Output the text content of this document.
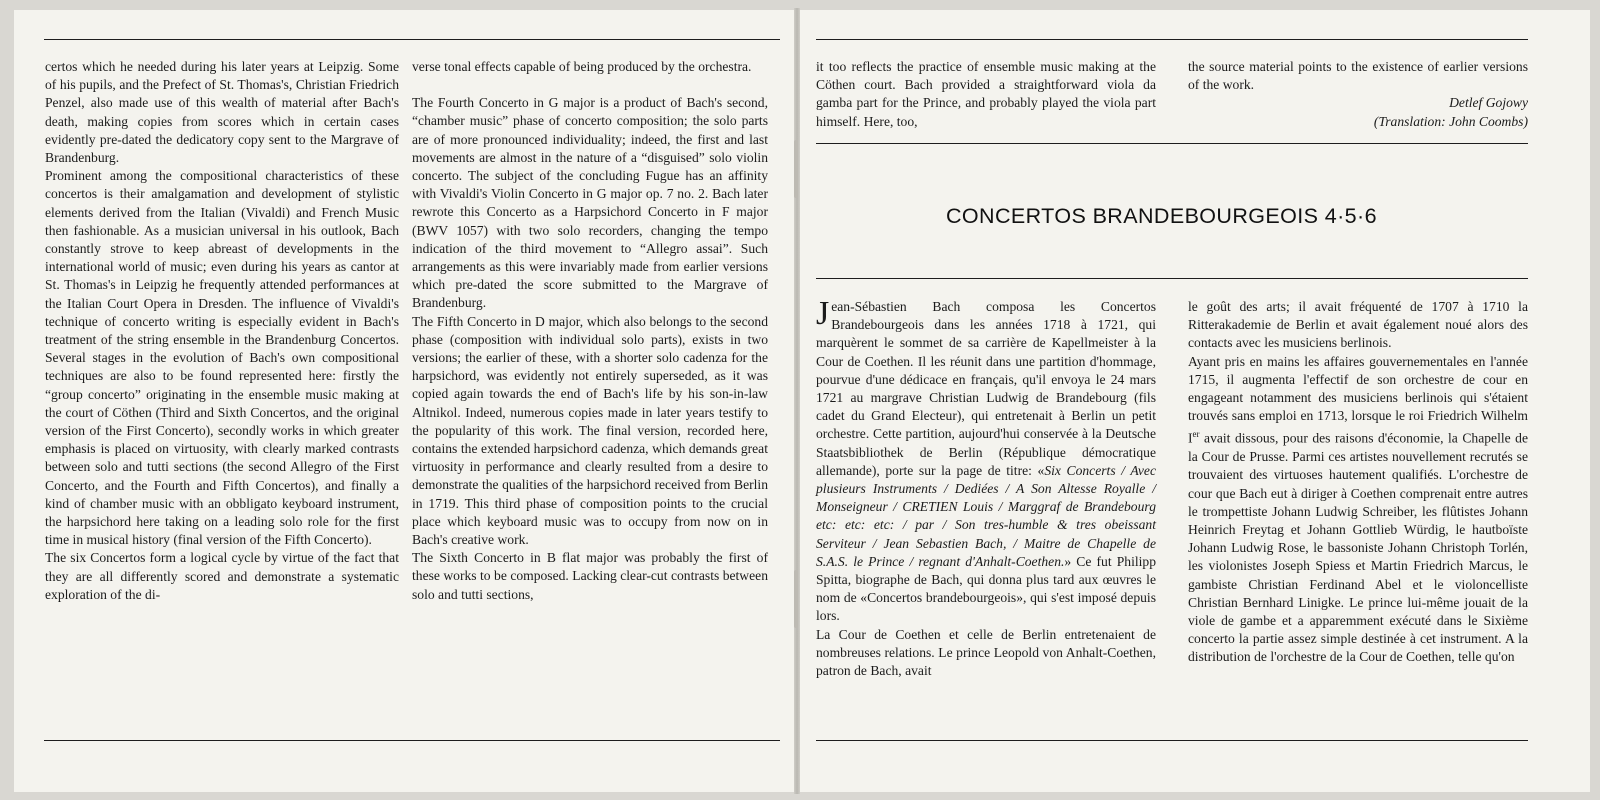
certos which he needed during his later years at Leipzig. Some of his pupils, and the Prefect of St. Thomas's, Christian Friedrich Penzel, also made use of this wealth of material after Bach's death, making copies from scores which in certain cases evidently pre-dated the dedicatory copy sent to the Margrave of Brandenburg.

Prominent among the compositional characteristics of these concertos is their amalgamation and development of stylistic elements derived from the Italian (Vivaldi) and French Music then fashionable. As a musician universal in his outlook, Bach constantly strove to keep abreast of developments in the international world of music; even during his years as cantor at St. Thomas's in Leipzig he frequently attended performances at the Italian Court Opera in Dresden. The influence of Vivaldi's technique of concerto writing is especially evident in Bach's treatment of the string ensemble in the Brandenburg Concertos. Several stages in the evolution of Bach's own compositional techniques are also to be found represented here: firstly the “group concerto” originating in the ensemble music making at the court of Cöthen (Third and Sixth Concertos, and the original version of the First Concerto), secondly works in which greater emphasis is placed on virtuosity, with clearly marked contrasts between solo and tutti sections (the second Allegro of the First Concerto, and the Fourth and Fifth Concertos), and finally a kind of chamber music with an obbligato keyboard instrument, the harpsichord here taking on a leading solo role for the first time in musical history (final version of the Fifth Concerto).

The six Concertos form a logical cycle by virtue of the fact that they are all differently scored and demonstrate a systematic exploration of the di-

verse tonal effects capable of being produced by the orchestra.

The Fourth Concerto in G major is a product of Bach's second, “chamber music” phase of concerto composition; the solo parts are of more pronounced individuality; indeed, the first and last movements are almost in the nature of a “disguised” solo violin concerto. The subject of the concluding Fugue has an affinity with Vivaldi's Violin Concerto in G major op. 7 no. 2. Bach later rewrote this Concerto as a Harpsichord Concerto in F major (BWV 1057) with two solo recorders, changing the tempo indication of the third movement to “Allegro assai”. Such arrangements as this were invariably made from earlier versions which pre-dated the score submitted to the Margrave of Brandenburg.

The Fifth Concerto in D major, which also belongs to the second phase (composition with individual solo parts), exists in two versions; the earlier of these, with a shorter solo cadenza for the harpsichord, was evidently not entirely superseded, as it was copied again towards the end of Bach's life by his son-in-law Altnikol. Indeed, numerous copies made in later years testify to the popularity of this work. The final version, recorded here, contains the extended harpsichord cadenza, which demands great virtuosity in performance and clearly resulted from a desire to demonstrate the qualities of the harpsichord received from Berlin in 1719. This third phase of composition points to the crucial place which keyboard music was to occupy from now on in Bach's creative work.

The Sixth Concerto in B flat major was probably the first of these works to be composed. Lacking clear-cut contrasts between solo and tutti sections,

it too reflects the practice of ensemble music making at the Cöthen court. Bach provided a straightforward viola da gamba part for the Prince, and probably played the viola part himself. Here, too,

the source material points to the existence of earlier versions of the work.

Detlef Gojowy

(Translation: John Coombs)

CONCERTOS BRANDEBOURGEOIS 4·5·6

Jean-Sébastien Bach composa les Concertos Brandebourgeois dans les années 1718 à 1721, qui marquèrent le sommet de sa carrière de Kapellmeister à la Cour de Coethen. Il les réunit dans une partition d'hommage, pourvue d'une dédicace en français, qu'il envoya le 24 mars 1721 au margrave Christian Ludwig de Brandebourg (fils cadet du Grand Electeur), qui entretenait à Berlin un petit orchestre. Cette partition, aujourd'hui conservée à la Deutsche Staatsbibliothek de Berlin (République démocratique allemande), porte sur la page de titre: «Six Concerts / Avec plusieurs Instruments / Dediées / A Son Altesse Royalle / Monseigneur / CRETIEN Louis / Marggraf de Brandebourg etc: etc: etc: / par / Son tres-humble & tres obeissant Serviteur / Jean Sebastien Bach, / Maitre de Chapelle de S.A.S. le Prince / regnant d'Anhalt-Coethen.» Ce fut Philipp Spitta, biographe de Bach, qui donna plus tard aux œuvres le nom de «Concertos brandebourgeois», qui s'est imposé depuis lors.

La Cour de Coethen et celle de Berlin entretenaient de nombreuses relations. Le prince Leopold von Anhalt-Coethen, patron de Bach, avait

le goût des arts; il avait fréquenté de 1707 à 1710 la Ritterakademie de Berlin et avait également noué alors des contacts avec les musiciens berlinois.

Ayant pris en mains les affaires gouvernementales en l'année 1715, il augmenta l'effectif de son orchestre de cour en engageant notamment des musiciens berlinois qui s'étaient trouvés sans emploi en 1713, lorsque le roi Friedrich Wilhelm Ier avait dissous, pour des raisons d'économie, la Chapelle de la Cour de Prusse. Parmi ces artistes nouvellement recrutés se trouvaient des virtuoses hautement qualifiés. L'orchestre de cour que Bach eut à diriger à Coethen comprenait entre autres le trompettiste Johann Ludwig Schreiber, les flûtistes Johann Heinrich Freytag et Johann Gottlieb Würdig, le hautboïste Johann Ludwig Rose, le bassoniste Johann Christoph Torlén, les violonistes Joseph Spiess et Martin Friedrich Marcus, le gambiste Christian Ferdinand Abel et le violoncelliste Christian Bernhard Linigke. Le prince lui-même jouait de la viole de gambe et a apparemment exécuté dans le Sixième concerto la partie assez simple destinée à cet instrument. A la distribution de l'orchestre de la Cour de Coethen, telle qu'on
